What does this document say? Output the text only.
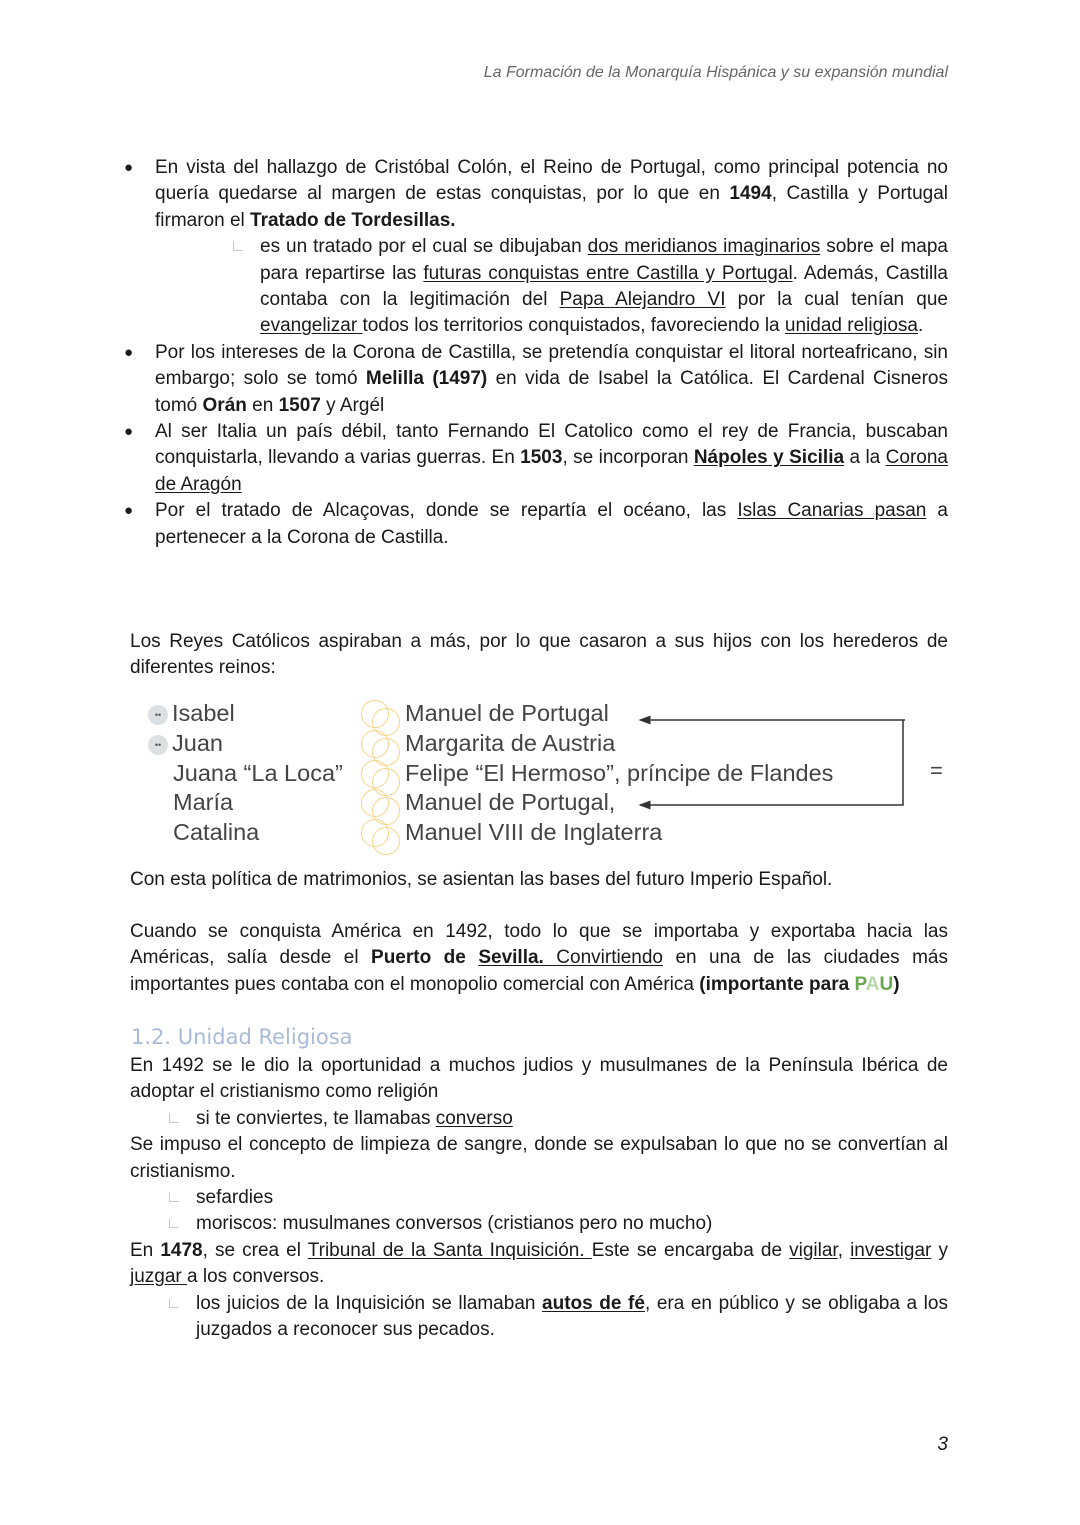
La Formación de la Monarquía Hispánica y su expansión mundial
● En vista del hallazgo de Cristóbal Colón, el Reino de Portugal, como principal potencia no quería quedarse al margen de estas conquistas, por lo que en 1494, Castilla y Portugal firmaron el Tratado de Tordesillas.
∟ es un tratado por el cual se dibujaban dos meridianos imaginarios sobre el mapa para repartirse las futuras conquistas entre Castilla y Portugal. Además, Castilla contaba con la legitimación del Papa Alejandro VI por la cual tenían que evangelizar todos los territorios conquistados, favoreciendo la unidad religiosa.
● Por los intereses de la Corona de Castilla, se pretendía conquistar el litoral norteafricano, sin embargo; solo se tomó Melilla (1497) en vida de Isabel la Católica. El Cardenal Cisneros tomó Orán en 1507 y Argél
● Al ser Italia un país débil, tanto Fernando El Catolico como el rey de Francia, buscaban conquistarla, llevando a varias guerras. En 1503, se incorporan Nápoles y Sicilia a la Corona de Aragón
● Por el tratado de Alcaçovas, donde se repartía el océano, las Islas Canarias pasan a pertenecer a la Corona de Castilla.
Los Reyes Católicos aspiraban a más, por lo que casaron a sus hijos con los herederos de diferentes reinos:
•• Isabel	Manuel de Portugal
•• Juan	Margarita de Austria
Juana “La Loca”	Felipe “El Hermoso”, príncipe de Flandes
María	Manuel de Portugal,
Catalina	Manuel VIII de Inglaterra
=
Con esta política de matrimonios, se asientan las bases del futuro Imperio Español.
Cuando se conquista América en 1492, todo lo que se importaba y exportaba hacia las Américas, salía desde el Puerto de Sevilla. Convirtiendo en una de las ciudades más importantes pues contaba con el monopolio comercial con América (importante para PAU)
1.2. Unidad Religiosa
En 1492 se le dio la oportunidad a muchos judios y musulmanes de la Península Ibérica de adoptar el cristianismo como religión
∟ si te conviertes, te llamabas converso
Se impuso el concepto de limpieza de sangre, donde se expulsaban lo que no se convertían al cristianismo.
∟ sefardies
∟ moriscos: musulmanes conversos (cristianos pero no mucho)
En 1478, se crea el Tribunal de la Santa Inquisición. Este se encargaba de vigilar, investigar y juzgar a los conversos.
∟ los juicios de la Inquisición se llamaban autos de fé, era en público y se obligaba a los juzgados a reconocer sus pecados.
3
